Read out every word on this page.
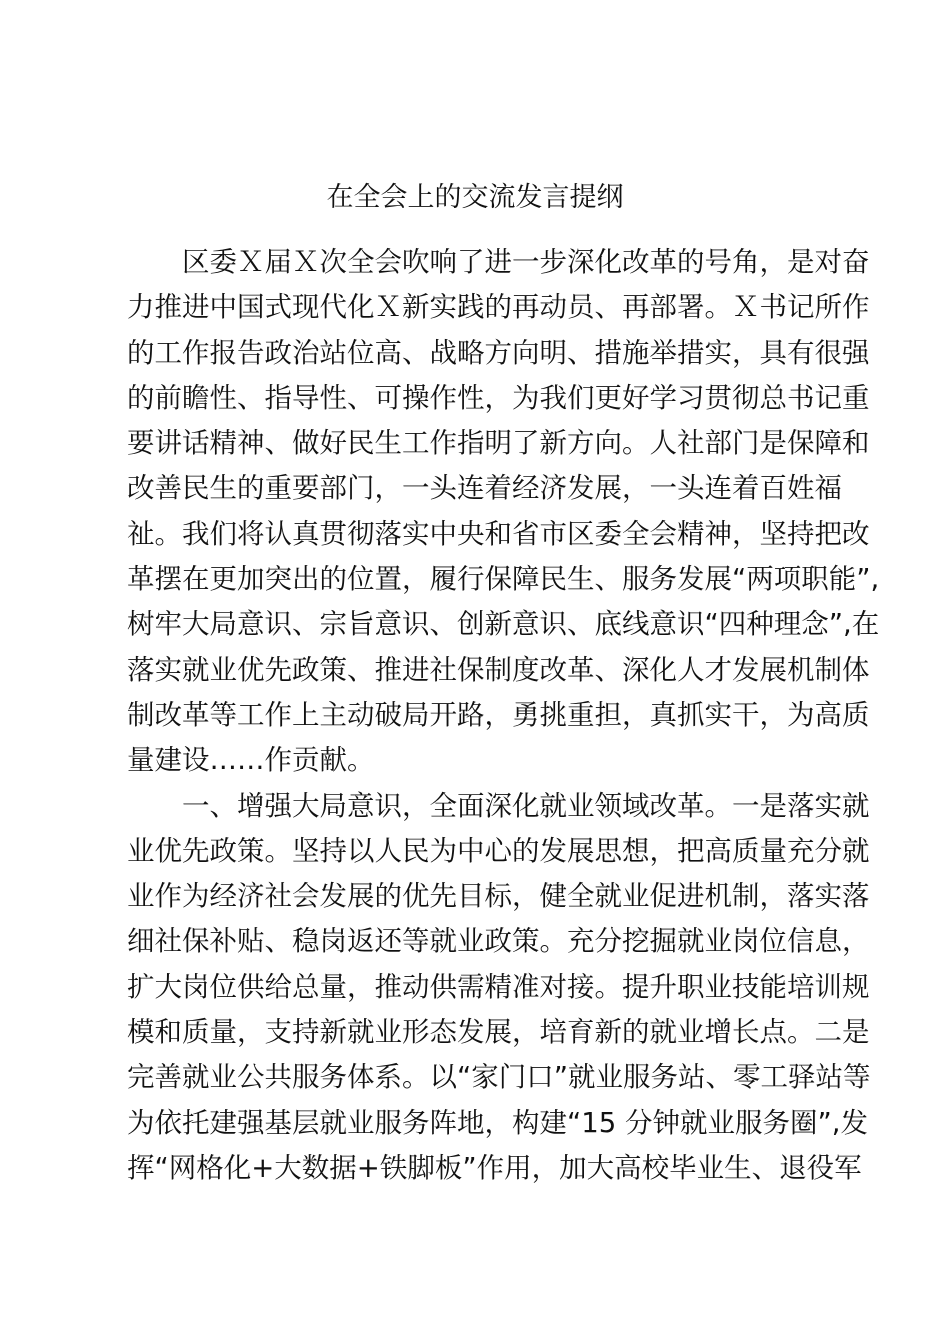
在全会上的交流发言提纲
区委Ｘ届Ｘ次全会吹响了进一步深化改革的号角，是对奋
力推进中国式现代化Ｘ新实践的再动员、再部署。Ｘ书记所作
的工作报告政治站位高、战略方向明、措施举措实，具有很强
的前瞻性、指导性、可操作性，为我们更好学习贯彻总书记重
要讲话精神、做好民生工作指明了新方向。人社部门是保障和
改善民生的重要部门，一头连着经济发展，一头连着百姓福
祉。我们将认真贯彻落实中央和省市区委全会精神，坚持把改
革摆在更加突出的位置，履行保障民生、服务发展“两项职能”,
树牢大局意识、宗旨意识、创新意识、底线意识“四种理念”,在
落实就业优先政策、推进社保制度改革、深化人才发展机制体
制改革等工作上主动破局开路，勇挑重担，真抓实干，为高质
量建设……作贡献。
一、增强大局意识，全面深化就业领域改革。一是落实就
业优先政策。坚持以人民为中心的发展思想，把高质量充分就
业作为经济社会发展的优先目标，健全就业促进机制，落实落
细社保补贴、稳岗返还等就业政策。充分挖掘就业岗位信息，
扩大岗位供给总量，推动供需精准对接。提升职业技能培训规
模和质量，支持新就业形态发展，培育新的就业增长点。二是
完善就业公共服务体系。以“家门口”就业服务站、零工驿站等
为依托建强基层就业服务阵地，构建“15 分钟就业服务圈”,发
挥“网格化+大数据+铁脚板”作用，加大高校毕业生、退役军
